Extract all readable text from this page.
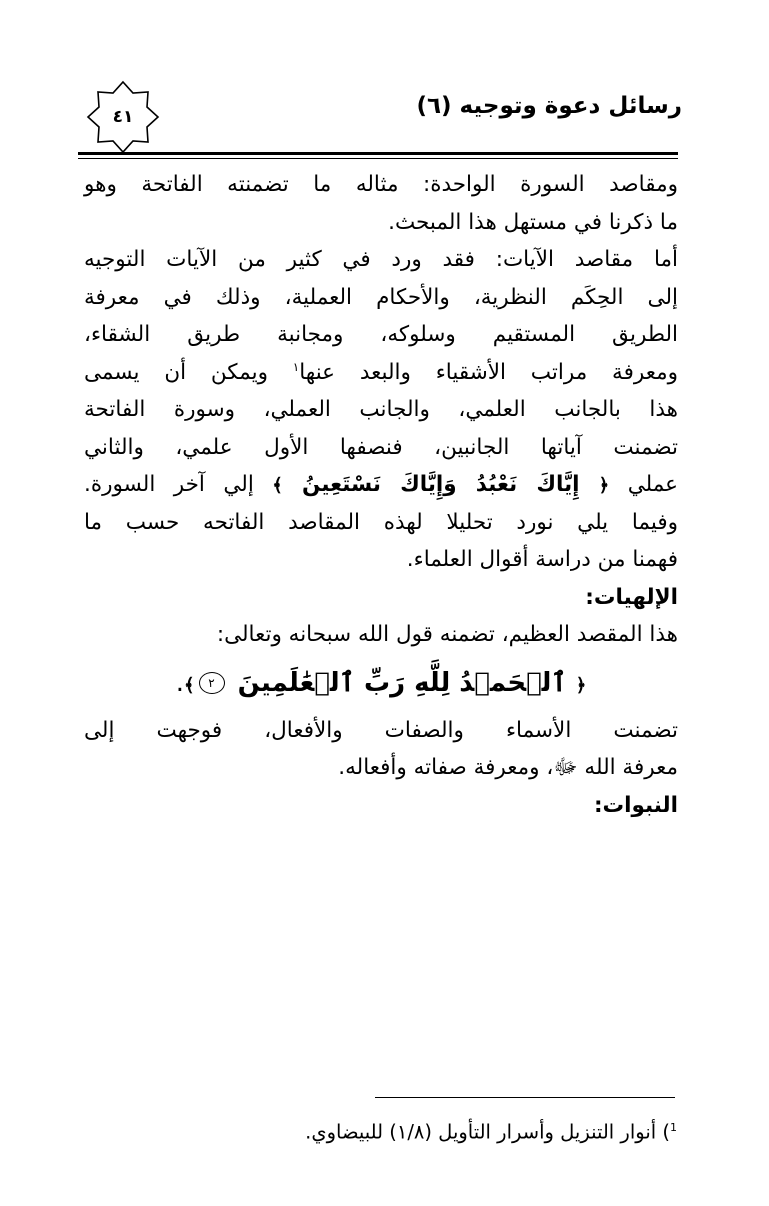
رسائل دعوة وتوجيه (٦)
٤١
ومقاصد السورة الواحدة: مثاله ما تضمنته الفاتحة وهو
ما ذكرنا في مستهل هذا المبحث.
أما مقاصد الآيات: فقد ورد في كثير من الآيات التوجيه
إلى الحِكَم النظرية، والأحكام العملية، وذلك في معرفة
الطريق المستقيم وسلوكه، ومجانبة طريق الشقاء،
ومعرفة مراتب الأشقياء والبعد عنها$^١$ ويمكن أن يسمى
هذا بالجانب العلمي، والجانب العملي، وسورة الفاتحة
تضمنت آياتها الجانبين، فنصفها الأول علمي، والثاني
عملي ﴿ إِيَّاكَ نَعْبُدُ وَإِيَّاكَ نَسْتَعِينُ ﴾ إلي آخر السورة.
وفيما يلي نورد تحليلا لهذه المقاصد الفاتحه حسب ما
فهمنا من دراسة أقوال العلماء.
الإلهيات:
هذا المقصد العظيم، تضمنه قول الله سبحانه وتعالى:
﴿ ٱلۡحَمۡدُ لِلَّهِ رَبِّ ٱلۡعَٰلَمِينَ ٢﴾.
تضمنت الأسماء والصفات والأفعال، فوجهت إلى
معرفة الله ﷻ، ومعرفة صفاته وأفعاله.
النبوات:
$^1$) أنوار التنزيل وأسرار التأويل (١/٨) للبيضاوي.
